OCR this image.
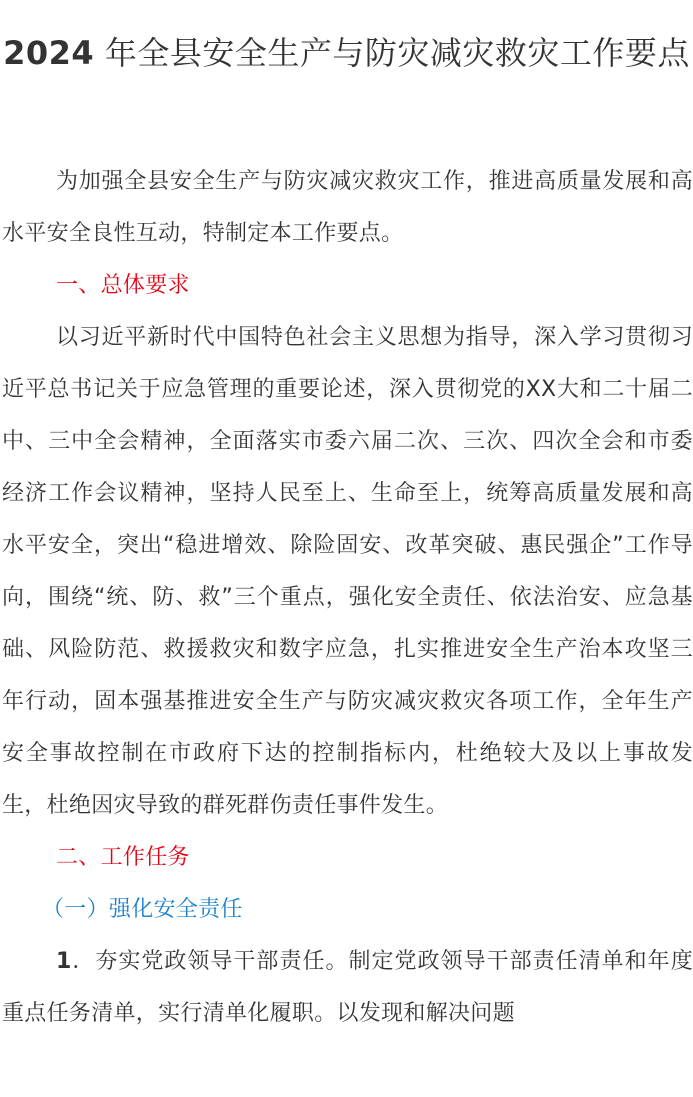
2024 年全县安全生产与防灾减灾救灾工作要点

为加强全县安全生产与防灾减灾救灾工作，推进高质量发展和高水平安全良性互动，特制定本工作要点。

一、总体要求

以习近平新时代中国特色社会主义思想为指导，深入学习贯彻习近平总书记关于应急管理的重要论述，深入贯彻党的XX大和二十届二中、三中全会精神，全面落实市委六届二次、三次、四次全会和市委经济工作会议精神，坚持人民至上、生命至上，统筹高质量发展和高水平安全，突出“稳进增效、除险固安、改革突破、惠民强企”工作导向，围绕“统、防、救”三个重点，强化安全责任、依法治安、应急基础、风险防范、救援救灾和数字应急，扎实推进安全生产治本攻坚三年行动，固本强基推进安全生产与防灾减灾救灾各项工作，全年生产安全事故控制在市政府下达的控制指标内，杜绝较大及以上事故发生，杜绝因灾导致的群死群伤责任事件发生。

二、工作任务

（一）强化安全责任

1．夯实党政领导干部责任。制定党政领导干部责任清单和年度重点任务清单，实行清单化履职。以发现和解决问题
